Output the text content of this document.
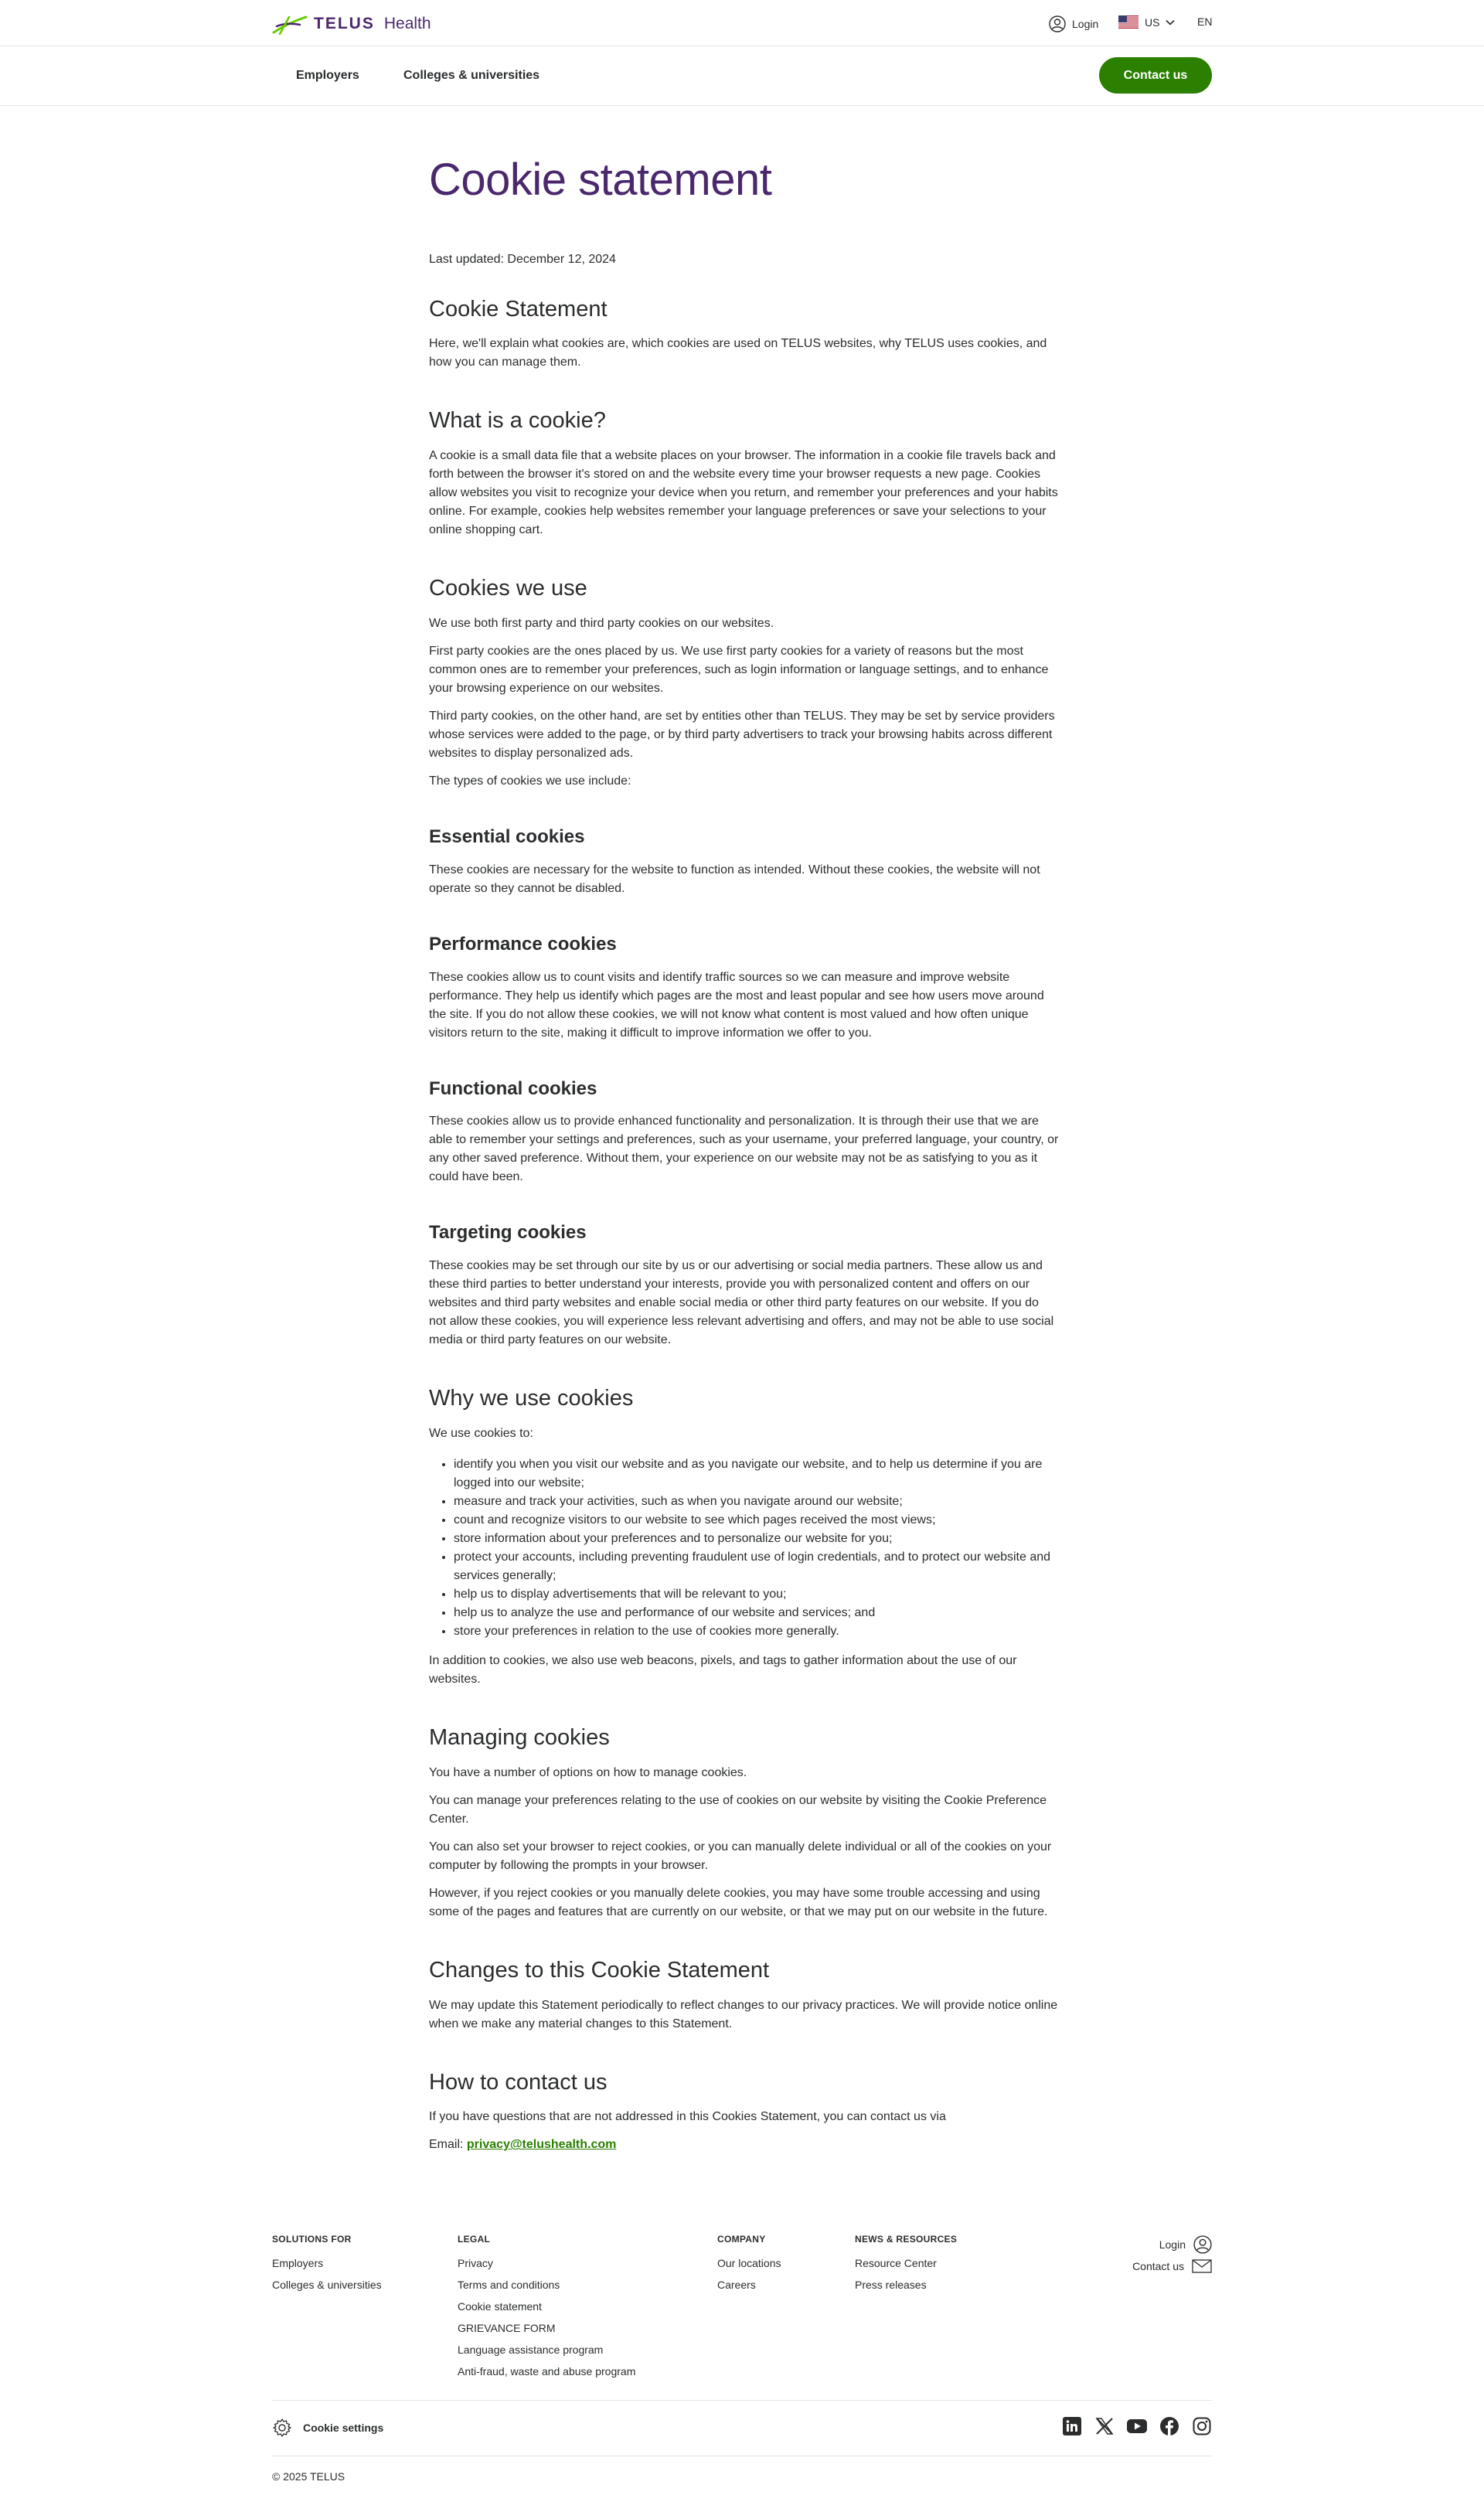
TELUS Health	Login	US	EN
Employers	Colleges & universities	Contact us
Cookie statement
Last updated: December 12, 2024
Cookie Statement

Here, we'll explain what cookies are, which cookies are used on TELUS websites, why TELUS uses cookies, and how you can manage them.

What is a cookie?

A cookie is a small data file that a website places on your browser. The information in a cookie file travels back and forth between the browser it's stored on and the website every time your browser requests a new page. Cookies allow websites you visit to recognize your device when you return, and remember your preferences and your habits online. For example, cookies help websites remember your language preferences or save your selections to your online shopping cart.

Cookies we use

We use both first party and third party cookies on our websites.

First party cookies are the ones placed by us. We use first party cookies for a variety of reasons but the most common ones are to remember your preferences, such as login information or language settings, and to enhance your browsing experience on our websites.

Third party cookies, on the other hand, are set by entities other than TELUS. They may be set by service providers whose services were added to the page, or by third party advertisers to track your browsing habits across different websites to display personalized ads.

The types of cookies we use include:

Essential cookies

These cookies are necessary for the website to function as intended. Without these cookies, the website will not operate so they cannot be disabled.

Performance cookies

These cookies allow us to count visits and identify traffic sources so we can measure and improve website performance. They help us identify which pages are the most and least popular and see how users move around the site. If you do not allow these cookies, we will not know what content is most valued and how often unique visitors return to the site, making it difficult to improve information we offer to you.

Functional cookies

These cookies allow us to provide enhanced functionality and personalization. It is through their use that we are able to remember your settings and preferences, such as your username, your preferred language, your country, or any other saved preference. Without them, your experience on our website may not be as satisfying to you as it could have been.

Targeting cookies

These cookies may be set through our site by us or our advertising or social media partners. These allow us and these third parties to better understand your interests, provide you with personalized content and offers on our websites and third party websites and enable social media or other third party features on our website. If you do not allow these cookies, you will experience less relevant advertising and offers, and may not be able to use social media or third party features on our website.

Why we use cookies

We use cookies to:

• identify you when you visit our website and as you navigate our website, and to help us determine if you are logged into our website;
• measure and track your activities, such as when you navigate around our website;
• count and recognize visitors to our website to see which pages received the most views;
• store information about your preferences and to personalize our website for you;
• protect your accounts, including preventing fraudulent use of login credentials, and to protect our website and services generally;
• help us to display advertisements that will be relevant to you;
• help us to analyze the use and performance of our website and services; and
• store your preferences in relation to the use of cookies more generally.

In addition to cookies, we also use web beacons, pixels, and tags to gather information about the use of our websites.

Managing cookies

You have a number of options on how to manage cookies.

You can manage your preferences relating to the use of cookies on our website by visiting the Cookie Preference Center.

You can also set your browser to reject cookies, or you can manually delete individual or all of the cookies on your computer by following the prompts in your browser.

However, if you reject cookies or you manually delete cookies, you may have some trouble accessing and using some of the pages and features that are currently on our website, or that we may put on our website in the future.

Changes to this Cookie Statement

We may update this Statement periodically to reflect changes to our privacy practices. We will provide notice online when we make any material changes to this Statement.

How to contact us

If you have questions that are not addressed in this Cookies Statement, you can contact us via

Email: privacy@telushealth.com

SOLUTIONS FOR
Employers
Colleges & universities
LEGAL
Privacy
Terms and conditions
Cookie statement
GRIEVANCE FORM
Language assistance program
Anti-fraud, waste and abuse program
COMPANY
Our locations
Careers
NEWS & RESOURCES
Resource Center
Press releases
Login
Contact us
Cookie settings
© 2025 TELUS
